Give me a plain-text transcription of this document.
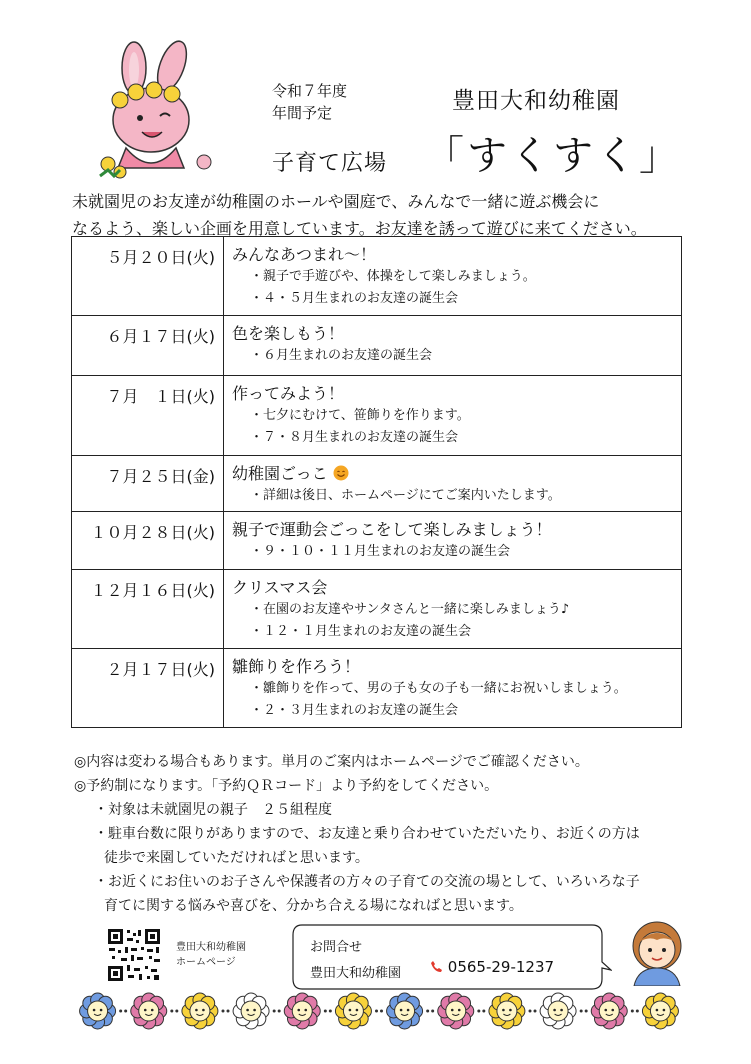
令和７年度
年間予定	豊田大和幼稚園
子育て広場 「すくすく」
未就園児のお友達が幼稚園のホールや園庭で、みんなで一緒に遊ぶ機会に
なるよう、楽しい企画を用意しています。お友達を誘って遊びに来てください。
５月２０日(火)	みんなあつまれ～！
・親子で手遊びや、体操をして楽しみましょう。
・４・５月生まれのお友達の誕生会

６月１７日(火)	色を楽しもう！
・６月生まれのお友達の誕生会

７月　１日(火)	作ってみよう！
・七夕にむけて、笹飾りを作ります。
・７・８月生まれのお友達の誕生会

７月２５日(金)	幼稚園ごっこ
・詳細は後日、ホームページにてご案内いたします。

１０月２８日(火)	親子で運動会ごっこをして楽しみましょう！
・９・１０・１１月生まれのお友達の誕生会

１２月１６日(火)	クリスマス会
・在園のお友達やサンタさんと一緒に楽しみましょう♪
・１２・１月生まれのお友達の誕生会

２月１７日(火)	雛飾りを作ろう！
・雛飾りを作って、男の子も女の子も一緒にお祝いしましょう。
・２・３月生まれのお友達の誕生会
◎内容は変わる場合もあります。単月のご案内はホームページでご確認ください。
◎予約制になります。「予約ＱＲコード」より予約をしてください。
・対象は未就園児の親子　２５組程度
・駐車台数に限りがありますので、お友達と乗り合わせていただいたり、お近くの方は
徒歩で来園していただければと思います。
・お近くにお住いのお子さんや保護者の方々の子育ての交流の場として、いろいろな子
育てに関する悩みや喜びを、分かち合える場になればと思います。
豊田大和幼稚園
ホームページ
お問合せ
豊田大和幼稚園	0565-29-1237
